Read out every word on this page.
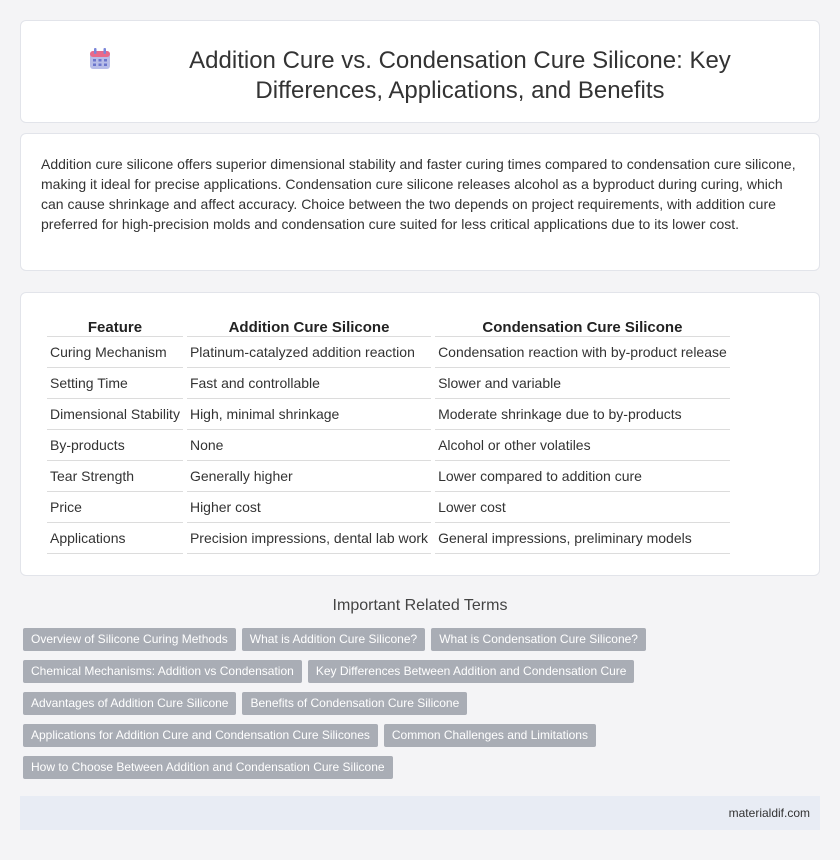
Addition Cure vs. Condensation Cure Silicone: Key Differences, Applications, and Benefits

Addition cure silicone offers superior dimensional stability and faster curing times compared to condensation cure silicone, making it ideal for precise applications. Condensation cure silicone releases alcohol as a byproduct during curing, which can cause shrinkage and affect accuracy. Choice between the two depends on project requirements, with addition cure preferred for high-precision molds and condensation cure suited for less critical applications due to its lower cost.

Feature	Addition Cure Silicone	Condensation Cure Silicone
Curing Mechanism	Platinum-catalyzed addition reaction	Condensation reaction with by-product release
Setting Time	Fast and controllable	Slower and variable
Dimensional Stability	High, minimal shrinkage	Moderate shrinkage due to by-products
By-products	None	Alcohol or other volatiles
Tear Strength	Generally higher	Lower compared to addition cure
Price	Higher cost	Lower cost
Applications	Precision impressions, dental lab work	General impressions, preliminary models
Important Related Terms
Overview of Silicone Curing Methods	What is Addition Cure Silicone?	What is Condensation Cure Silicone?
Chemical Mechanisms: Addition vs Condensation	Key Differences Between Addition and Condensation Cure
Advantages of Addition Cure Silicone	Benefits of Condensation Cure Silicone
Applications for Addition Cure and Condensation Cure Silicones	Common Challenges and Limitations
How to Choose Between Addition and Condensation Cure Silicone
materialdif.com
